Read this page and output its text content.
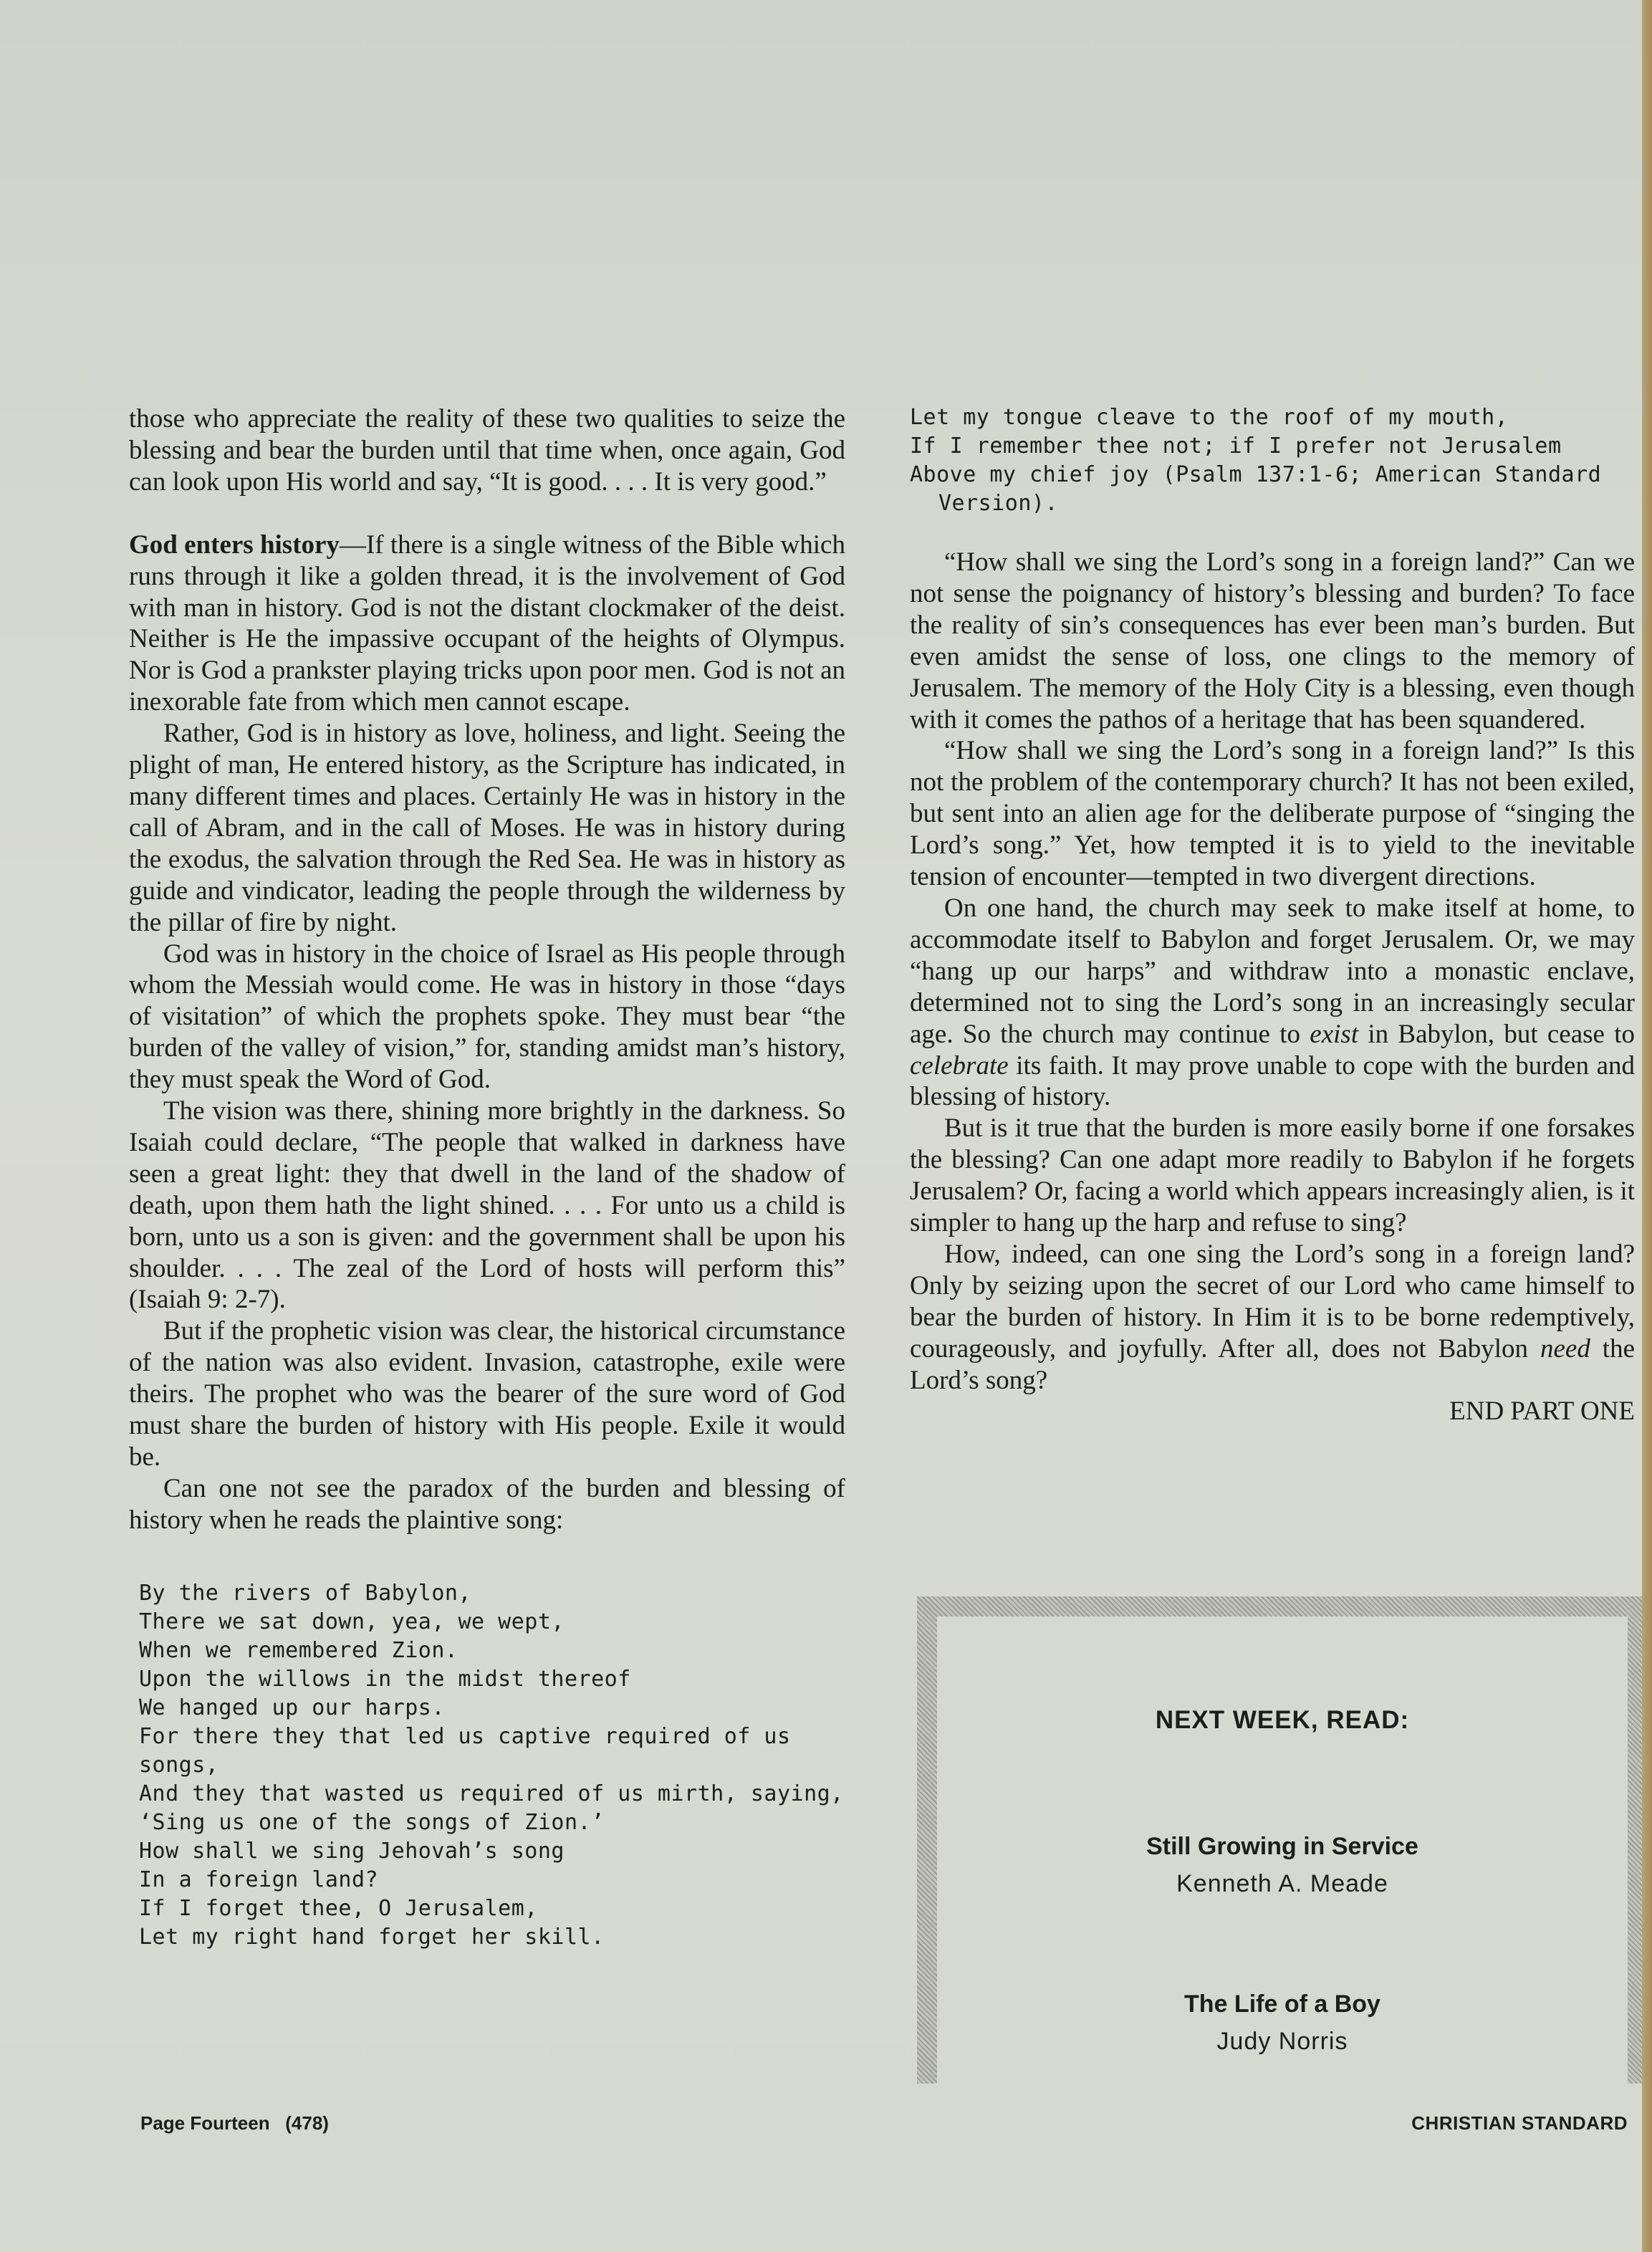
those who appreciate the reality of these two qualities to seize the blessing and bear the burden until that time when, once again, God can look upon His world and say, “It is good. . . . It is very good.”

God enters history—If there is a single witness of the Bible which runs through it like a golden thread, it is the involvement of God with man in history. God is not the distant clockmaker of the deist. Neither is He the impassive occupant of the heights of Olympus. Nor is God a prankster playing tricks upon poor men. God is not an inexorable fate from which men cannot escape.

Rather, God is in history as love, holiness, and light. Seeing the plight of man, He entered history, as the Scripture has indicated, in many different times and places. Certainly He was in history in the call of Abram, and in the call of Moses. He was in history during the exodus, the salvation through the Red Sea. He was in history as guide and vindicator, leading the people through the wilderness by the pillar of fire by night.

God was in history in the choice of Israel as His people through whom the Messiah would come. He was in history in those “days of visitation” of which the prophets spoke. They must bear “the burden of the valley of vision,” for, standing amidst man’s history, they must speak the Word of God.

The vision was there, shining more brightly in the darkness. So Isaiah could declare, “The people that walked in darkness have seen a great light: they that dwell in the land of the shadow of death, upon them hath the light shined. . . . For unto us a child is born, unto us a son is given: and the government shall be upon his shoulder. . . . The zeal of the Lord of hosts will perform this” (Isaiah 9: 2-7).

But if the prophetic vision was clear, the historical circumstance of the nation was also evident. Invasion, catastrophe, exile were theirs. The prophet who was the bearer of the sure word of God must share the burden of history with His people. Exile it would be.

Can one not see the paradox of the burden and blessing of history when he reads the plaintive song:

By the rivers of Babylon,
There we sat down, yea, we wept,
When we remembered Zion.
Upon the willows in the midst thereof
We hanged up our harps.
For there they that led us captive required of us songs,
And they that wasted us required of us mirth, saying,
‘Sing us one of the songs of Zion.’
How shall we sing Jehovah’s song
In a foreign land?
If I forget thee, O Jerusalem,
Let my right hand forget her skill.
Let my tongue cleave to the roof of my mouth,
If I remember thee not; if I prefer not Jerusalem
Above my chief joy (Psalm 137:1-6; American Standard
Version).

“How shall we sing the Lord’s song in a foreign land?” Can we not sense the poignancy of history’s blessing and burden? To face the reality of sin’s consequences has ever been man’s burden. But even amidst the sense of loss, one clings to the memory of Jerusalem. The memory of the Holy City is a blessing, even though with it comes the pathos of a heritage that has been squandered.

“How shall we sing the Lord’s song in a foreign land?” Is this not the problem of the contemporary church? It has not been exiled, but sent into an alien age for the deliberate purpose of “singing the Lord’s song.” Yet, how tempted it is to yield to the inevitable tension of encounter—tempted in two divergent directions.

On one hand, the church may seek to make itself at home, to accommodate itself to Babylon and forget Jerusalem. Or, we may “hang up our harps” and withdraw into a monastic enclave, determined not to sing the Lord’s song in an increasingly secular age. So the church may continue to exist in Babylon, but cease to celebrate its faith. It may prove unable to cope with the burden and blessing of history.

But is it true that the burden is more easily borne if one forsakes the blessing? Can one adapt more readily to Babylon if he forgets Jerusalem? Or, facing a world which appears increasingly alien, is it simpler to hang up the harp and refuse to sing?

How, indeed, can one sing the Lord’s song in a foreign land? Only by seizing upon the secret of our Lord who came himself to bear the burden of history. In Him it is to be borne redemptively, courageously, and joyfully. After all, does not Babylon need the Lord’s song?

END PART ONE
NEXT WEEK, READ:
Still Growing in Service
Kenneth A. Meade
The Life of a Boy
Judy Norris
Page Fourteen   (478)	CHRISTIAN STANDARD
